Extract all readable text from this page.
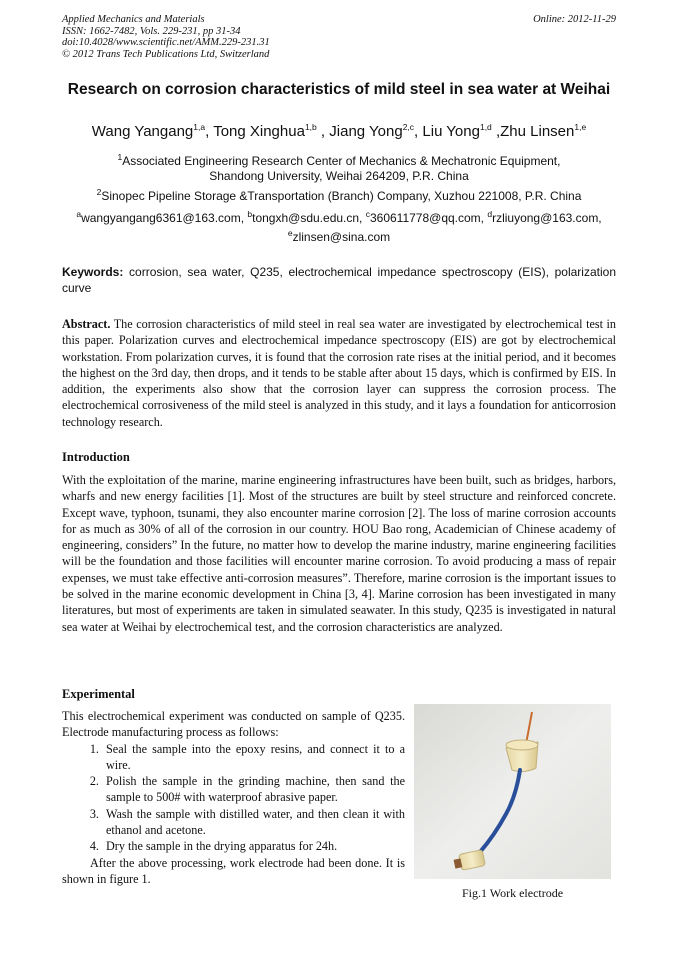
Applied Mechanics and Materials
ISSN: 1662-7482, Vols. 229-231, pp 31-34
doi:10.4028/www.scientific.net/AMM.229-231.31
© 2012 Trans Tech Publications Ltd, Switzerland
Online: 2012-11-29
Research on corrosion characteristics of mild steel in sea water at Weihai
Wang Yangang$^{1,a}$, Tong Xinghua$^{1,b}$ , Jiang Yong$^{2,c}$, Liu Yong$^{1,d}$ ,Zhu Linsen$^{1,e}$
$^1$Associated Engineering Research Center of Mechanics & Mechatronic Equipment,
Shandong University, Weihai 264209, P.R. China
$^2$Sinopec Pipeline Storage &Transportation (Branch) Company, Xuzhou 221008, P.R. China
$^a$wangyangang6361@163.com, $^b$tongxh@sdu.edu.cn, $^c$360611778@qq.com, $^d$rzliuyong@163.com,
$^e$zlinsen@sina.com
Keywords: corrosion, sea water, Q235, electrochemical impedance spectroscopy (EIS), polarization curve
Abstract. The corrosion characteristics of mild steel in real sea water are investigated by electrochemical test in this paper. Polarization curves and electrochemical impedance spectroscopy (EIS) are got by electrochemical workstation. From polarization curves, it is found that the corrosion rate rises at the initial period, and it becomes the highest on the 3rd day, then drops, and it tends to be stable after about 15 days, which is confirmed by EIS. In addition, the experiments also show that the corrosion layer can suppress the corrosion process. The electrochemical corrosiveness of the mild steel is analyzed in this study, and it lays a foundation for anticorrosion technology research.
Introduction
With the exploitation of the marine, marine engineering infrastructures have been built, such as bridges, harbors, wharfs and new energy facilities [1]. Most of the structures are built by steel structure and reinforced concrete. Except wave, typhoon, tsunami, they also encounter marine corrosion [2]. The loss of marine corrosion accounts for as much as 30% of all of the corrosion in our country. HOU Bao rong, Academician of Chinese academy of engineering, considers” In the future, no matter how to develop the marine industry, marine engineering facilities will be the foundation and those facilities will encounter marine corrosion. To avoid producing a mass of repair expenses, we must take effective anti-corrosion measures”. Therefore, marine corrosion is the important issues to be solved in the marine economic development in China [3, 4]. Marine corrosion has been investigated in many literatures, but most of experiments are taken in simulated seawater. In this study, Q235 is investigated in natural sea water at Weihai by electrochemical test, and the corrosion characteristics are analyzed.
Experimental

This electrochemical experiment was conducted on sample of Q235. Electrode manufacturing process as follows:

1. Seal the sample into the epoxy resins, and connect it to a wire.
2. Polish the sample in the grinding machine, then sand the sample to 500# with waterproof abrasive paper.
3. Wash the sample with distilled water, and then clean it with ethanol and acetone.
4. Dry the sample in the drying apparatus for 24h.

After the above processing, work electrode had been done. It is shown in figure 1.

Fig.1 Work electrode
